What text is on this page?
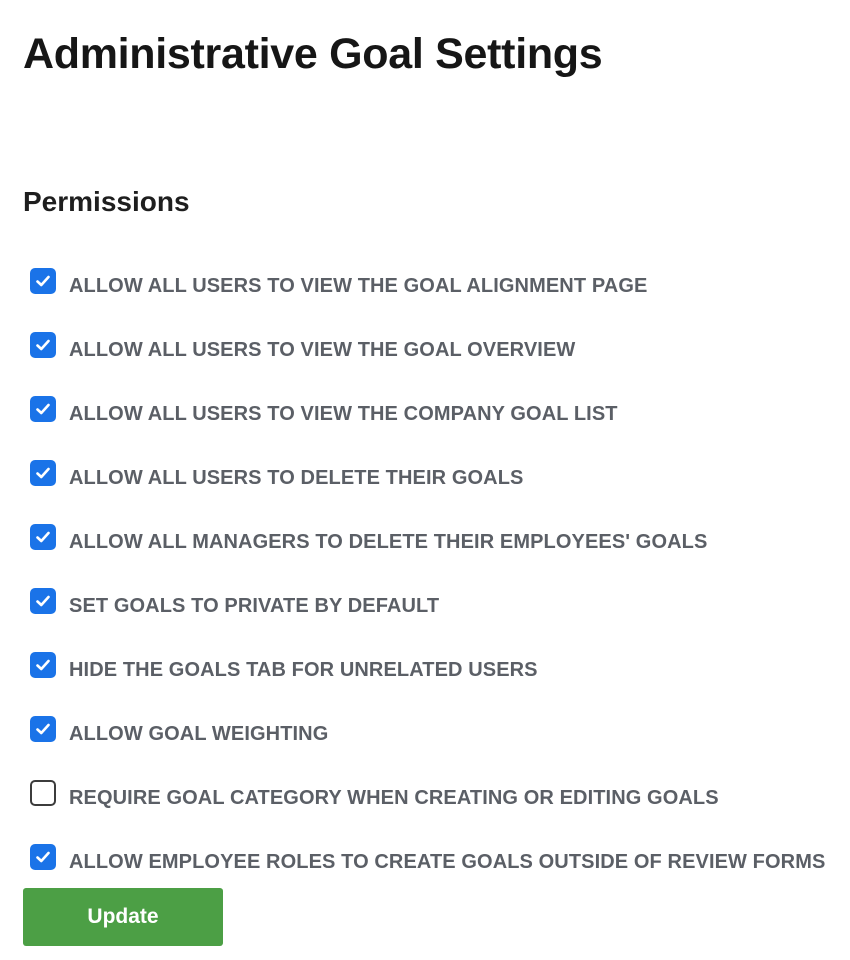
Administrative Goal Settings
Permissions
ALLOW ALL USERS TO VIEW THE GOAL ALIGNMENT PAGE
ALLOW ALL USERS TO VIEW THE GOAL OVERVIEW
ALLOW ALL USERS TO VIEW THE COMPANY GOAL LIST
ALLOW ALL USERS TO DELETE THEIR GOALS
ALLOW ALL MANAGERS TO DELETE THEIR EMPLOYEES' GOALS
SET GOALS TO PRIVATE BY DEFAULT
HIDE THE GOALS TAB FOR UNRELATED USERS
ALLOW GOAL WEIGHTING
REQUIRE GOAL CATEGORY WHEN CREATING OR EDITING GOALS
ALLOW EMPLOYEE ROLES TO CREATE GOALS OUTSIDE OF REVIEW FORMS
Update
